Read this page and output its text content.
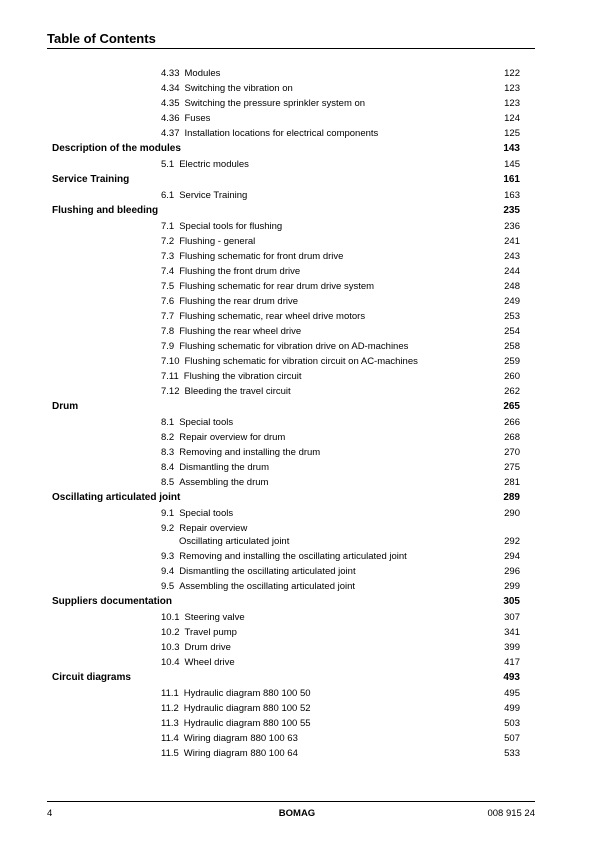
Table of Contents
4.33 Modules	122
4.34 Switching the vibration on	123
4.35 Switching the pressure sprinkler system on	123
4.36 Fuses	124
4.37 Installation locations for electrical components	125
Description of the modules	143
5.1 Electric modules	145
Service Training	161
6.1 Service Training	163
Flushing and bleeding	235
7.1 Special tools for flushing	236
7.2 Flushing - general	241
7.3 Flushing schematic for front drum drive	243
7.4 Flushing the front drum drive	244
7.5 Flushing schematic for rear drum drive system	248
7.6 Flushing the rear drum drive	249
7.7 Flushing schematic, rear wheel drive motors	253
7.8 Flushing the rear wheel drive	254
7.9 Flushing schematic for vibration drive on AD-machines	258
7.10 Flushing schematic for vibration circuit on AC-machines	259
7.11 Flushing the vibration circuit	260
7.12 Bleeding the travel circuit	262
Drum	265
8.1 Special tools	266
8.2 Repair overview for drum	268
8.3 Removing and installing the drum	270
8.4 Dismantling the drum	275
8.5 Assembling the drum	281
Oscillating articulated joint	289
9.1 Special tools	290
9.2 Repair overview
Oscillating articulated joint	292
9.3 Removing and installing the oscillating articulated joint	294
9.4 Dismantling the oscillating articulated joint	296
9.5 Assembling the oscillating articulated joint	299
Suppliers documentation	305
10.1 Steering valve	307
10.2 Travel pump	341
10.3 Drum drive	399
10.4 Wheel drive	417
Circuit diagrams	493
11.1 Hydraulic diagram 880 100 50	495
11.2 Hydraulic diagram 880 100 52	499
11.3 Hydraulic diagram 880 100 55	503
11.4 Wiring diagram 880 100 63	507
11.5 Wiring diagram 880 100 64	533
4	BOMAG	008 915 24
